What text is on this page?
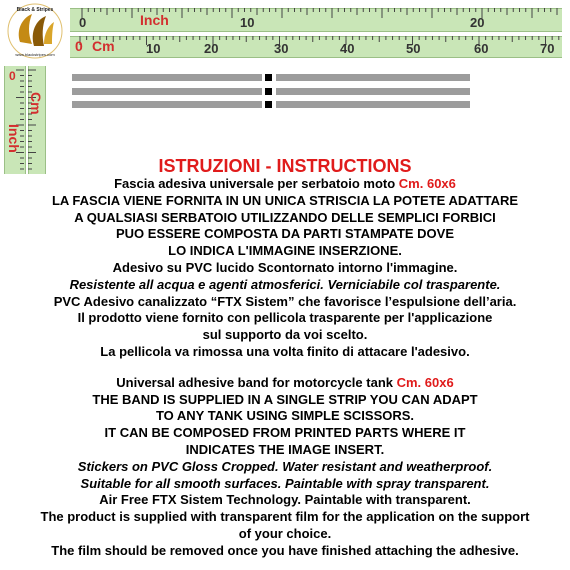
Black & Stripes
www.blackstripes.com
Inch
0	10	20
0 Cm 10	20	30	40	50	60	70
0
Cm
Inch
ISTRUZIONI - INSTRUCTIONS
Fascia adesiva universale per serbatoio moto Cm. 60x6
LA FASCIA VIENE FORNITA IN UN UNICA STRISCIA LA POTETE ADATTARE
A QUALSIASI SERBATOIO UTILIZZANDO DELLE SEMPLICI FORBICI
PUO ESSERE COMPOSTA DA PARTI STAMPATE DOVE
LO INDICA L'IMMAGINE INSERZIONE.
Adesivo su PVC lucido Scontornato intorno l'immagine.
Resistente all acqua e agenti atmosferici. Verniciabile col trasparente.
PVC Adesivo canalizzato “FTX Sistem” che favorisce l’espulsione dell’aria.
Il prodotto viene fornito con pellicola trasparente per l'applicazione
sul supporto da voi scelto.
La pellicola va rimossa una volta finito di attacare l'adesivo.
Universal adhesive band for motorcycle tank Cm. 60x6
THE BAND IS SUPPLIED IN A SINGLE STRIP YOU CAN ADAPT
TO ANY TANK USING SIMPLE SCISSORS.
IT CAN BE COMPOSED FROM PRINTED PARTS WHERE IT
INDICATES THE IMAGE INSERT.
Stickers on PVC Gloss Cropped. Water resistant and weatherproof.
Suitable for all smooth surfaces. Paintable with spray transparent.
Air Free FTX Sistem Technology. Paintable with transparent.
The product is supplied with transparent film for the application on the support
of your choice.
The film should be removed once you have finished attaching the adhesive.
